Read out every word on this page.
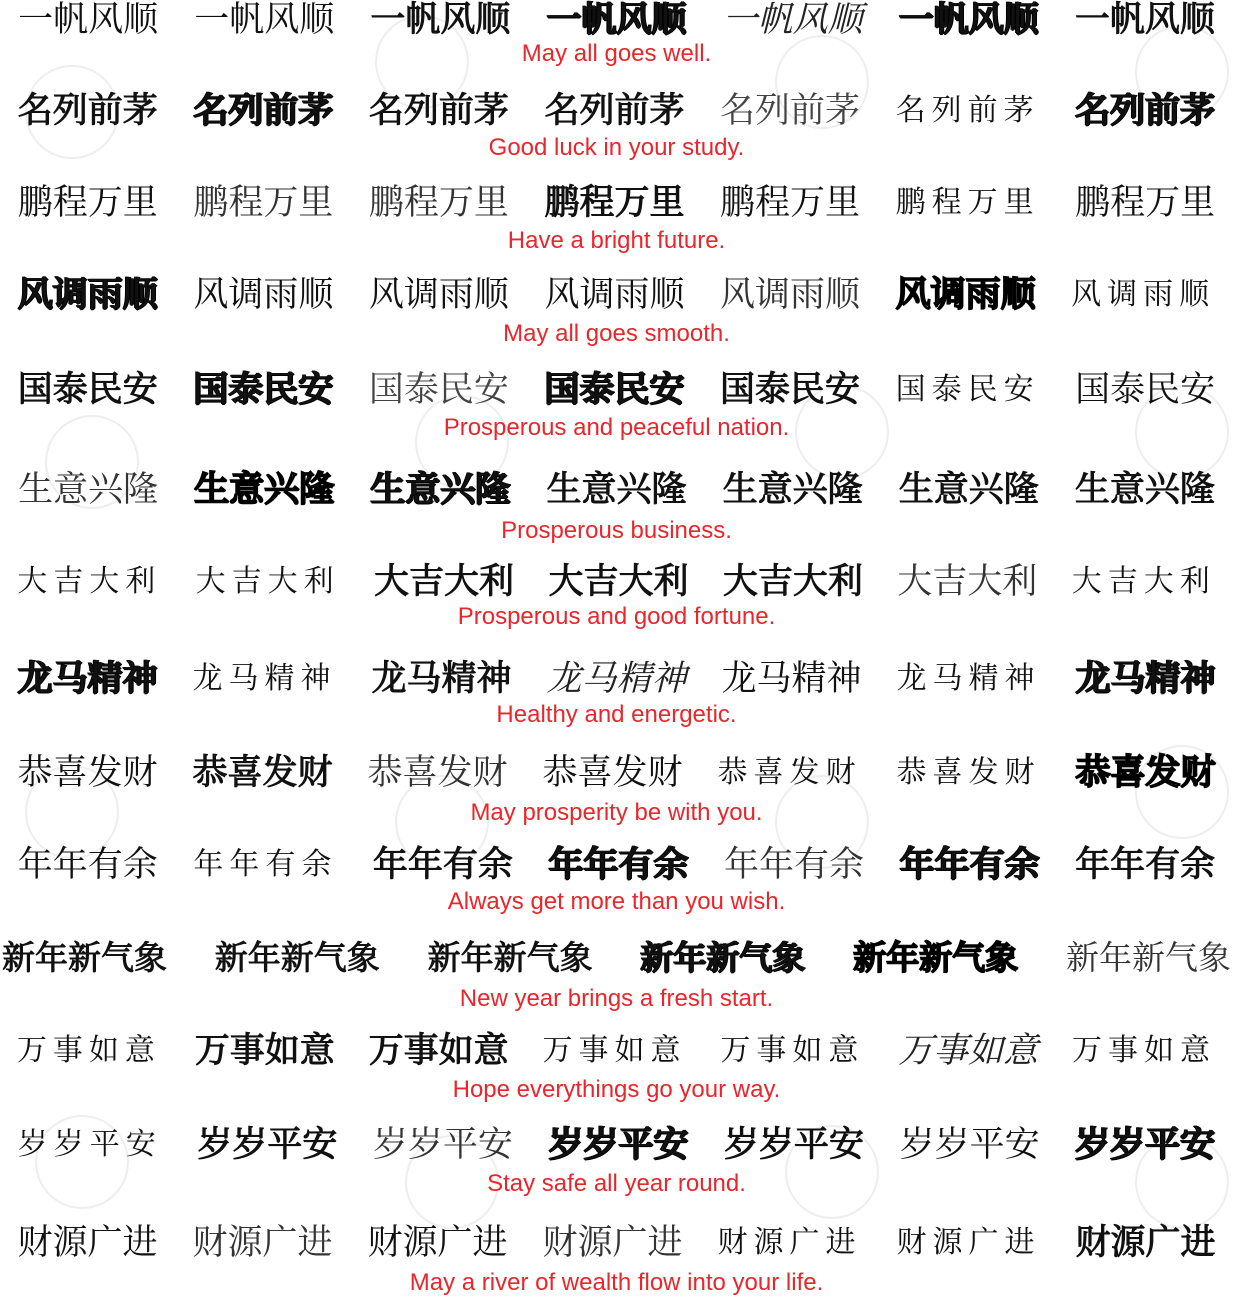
一帆风顺 一帆风顺 一帆风顺 一帆风顺 一帆风顺 一帆风顺 一帆风顺
May all goes well.
名列前茅 名列前茅 名列前茅 名列前茅 名列前茅 名列前茅 名列前茅
Good luck in your study.
鹏程万里 鹏程万里 鹏程万里 鹏程万里 鹏程万里 鹏程万里 鹏程万里
Have a bright future.
风调雨顺 风调雨顺 风调雨顺 风调雨顺 风调雨顺 风调雨顺 风调雨顺
May all goes smooth.
国泰民安 国泰民安 国泰民安 国泰民安 国泰民安 国泰民安 国泰民安
Prosperous and peaceful nation.
生意兴隆 生意兴隆 生意兴隆 生意兴隆 生意兴隆 生意兴隆 生意兴隆
Prosperous business.
大吉大利 大吉大利 大吉大利 大吉大利 大吉大利 大吉大利 大吉大利
Prosperous and good fortune.
龙马精神 龙马精神 龙马精神 龙马精神 龙马精神 龙马精神 龙马精神
Healthy and energetic.
恭喜发财 恭喜发财 恭喜发财 恭喜发财 恭喜发财 恭喜发财 恭喜发财
May prosperity be with you.
年年有余 年年有余 年年有余 年年有余 年年有余 年年有余 年年有余
Always get more than you wish.
新年新气象 新年新气象 新年新气象 新年新气象 新年新气象 新年新气象
New year brings a fresh start.
万事如意 万事如意 万事如意 万事如意 万事如意 万事如意 万事如意
Hope everythings go your way.
岁岁平安 岁岁平安 岁岁平安 岁岁平安 岁岁平安 岁岁平安 岁岁平安
Stay safe all year round.
财源广进 财源广进 财源广进 财源广进 财源广进 财源广进 财源广进
May a river of wealth flow into your life.
